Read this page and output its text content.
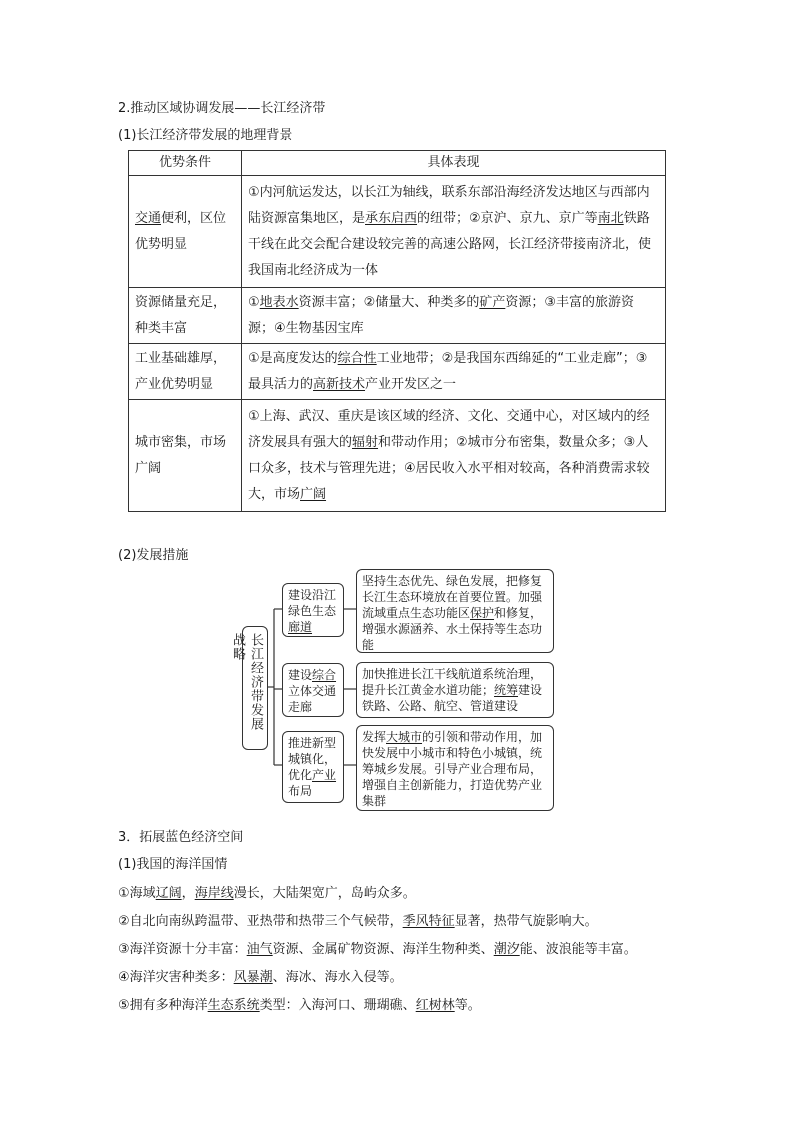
2.推动区域协调发展——长江经济带
(1)长江经济带发展的地理背景
优势条件	具体表现
交通便利，区位优势明显	①内河航运发达，以长江为轴线，联系东部沿海经济发达地区与西部内陆资源富集地区，是承东启西的纽带；②京沪、京九、京广等南北铁路干线在此交会配合建设较完善的高速公路网，长江经济带接南济北，使我国南北经济成为一体
资源储量充足，种类丰富	①地表水资源丰富；②储量大、种类多的矿产资源；③丰富的旅游资源；④生物基因宝库
工业基础雄厚，产业优势明显	①是高度发达的综合性工业地带；②是我国东西绵延的“工业走廊”；③最具活力的高新技术产业开发区之一
城市密集，市场广阔	①上海、武汉、重庆是该区域的经济、文化、交通中心，对区域内的经济发展具有强大的辐射和带动作用；②城市分布密集，数量众多；③人口众多，技术与管理先进；④居民收入水平相对较高，各种消费需求较大，市场广阔
(2)发展措施
长江经济带发展战略
建设沿江绿色生态廊道
坚持生态优先、绿色发展，把修复长江生态环境放在首要位置。加强流域重点生态功能区保护和修复，增强水源涵养、水土保持等生态功能
建设综合立体交通走廊
加快推进长江干线航道系统治理，提升长江黄金水道功能；统筹建设铁路、公路、航空、管道建设
推进新型城镇化，优化产业布局
发挥大城市的引领和带动作用，加快发展中小城市和特色小城镇，统筹城乡发展。引导产业合理布局，增强自主创新能力，打造优势产业集群
3．拓展蓝色经济空间
(1)我国的海洋国情

①海域辽阔，海岸线漫长，大陆架宽广，岛屿众多。

②自北向南纵跨温带、亚热带和热带三个气候带，季风特征显著，热带气旋影响大。

③海洋资源十分丰富：油气资源、金属矿物资源、海洋生物种类、潮汐能、波浪能等丰富。

④海洋灾害种类多：风暴潮、海冰、海水入侵等。

⑤拥有多种海洋生态系统类型：入海河口、珊瑚礁、红树林等。
